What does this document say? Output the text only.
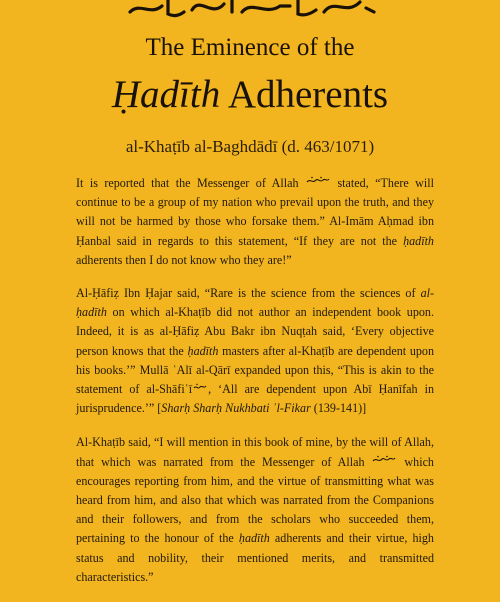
The Eminence of the
Ḥadīth Adherents
al-Khaṭīb al-Baghdādī (d. 463/1071)

It is reported that the Messenger of Allah	stated, “There will continue to be a group of my nation who prevail upon the truth, and they will not be harmed by those who forsake them.” Al-Imām Aḥmad ibn Ḥanbal said in regards to this statement, “If they are not the ḥadīth adherents then I do not know who they are!”

Al-Ḥāfiẓ Ibn Ḥajar said, “Rare is the science from the sciences of al-ḥadīth on which al-Khaṭīb did not author an independent book upon. Indeed, it is as al-Ḥāfiẓ Abu Bakr ibn Nuqṭah said, ‘Every objective person knows that the ḥadīth masters after al-Khaṭīb are dependent upon his books.’” Mullā ʿAlī al-Qārī expanded upon this, “This is akin to the statement of al-Shāfiʿī , ‘All are dependent upon Abī Ḥanīfah in jurisprudence.’” [Sharḥ Sharḥ Nukhbati ʾl-Fikar (139-141)]

Al-Khaṭīb said, “I will mention in this book of mine, by the will of Allah, that which was narrated from the Messenger of Allah	which encourages reporting from him, and the virtue of transmitting what was heard from him, and also that which was narrated from the Companions and their followers, and from the scholars who succeeded them, pertaining to the honour of the ḥadīth adherents and their virtue, high status and nobility, their mentioned merits, and transmitted characteristics.”
